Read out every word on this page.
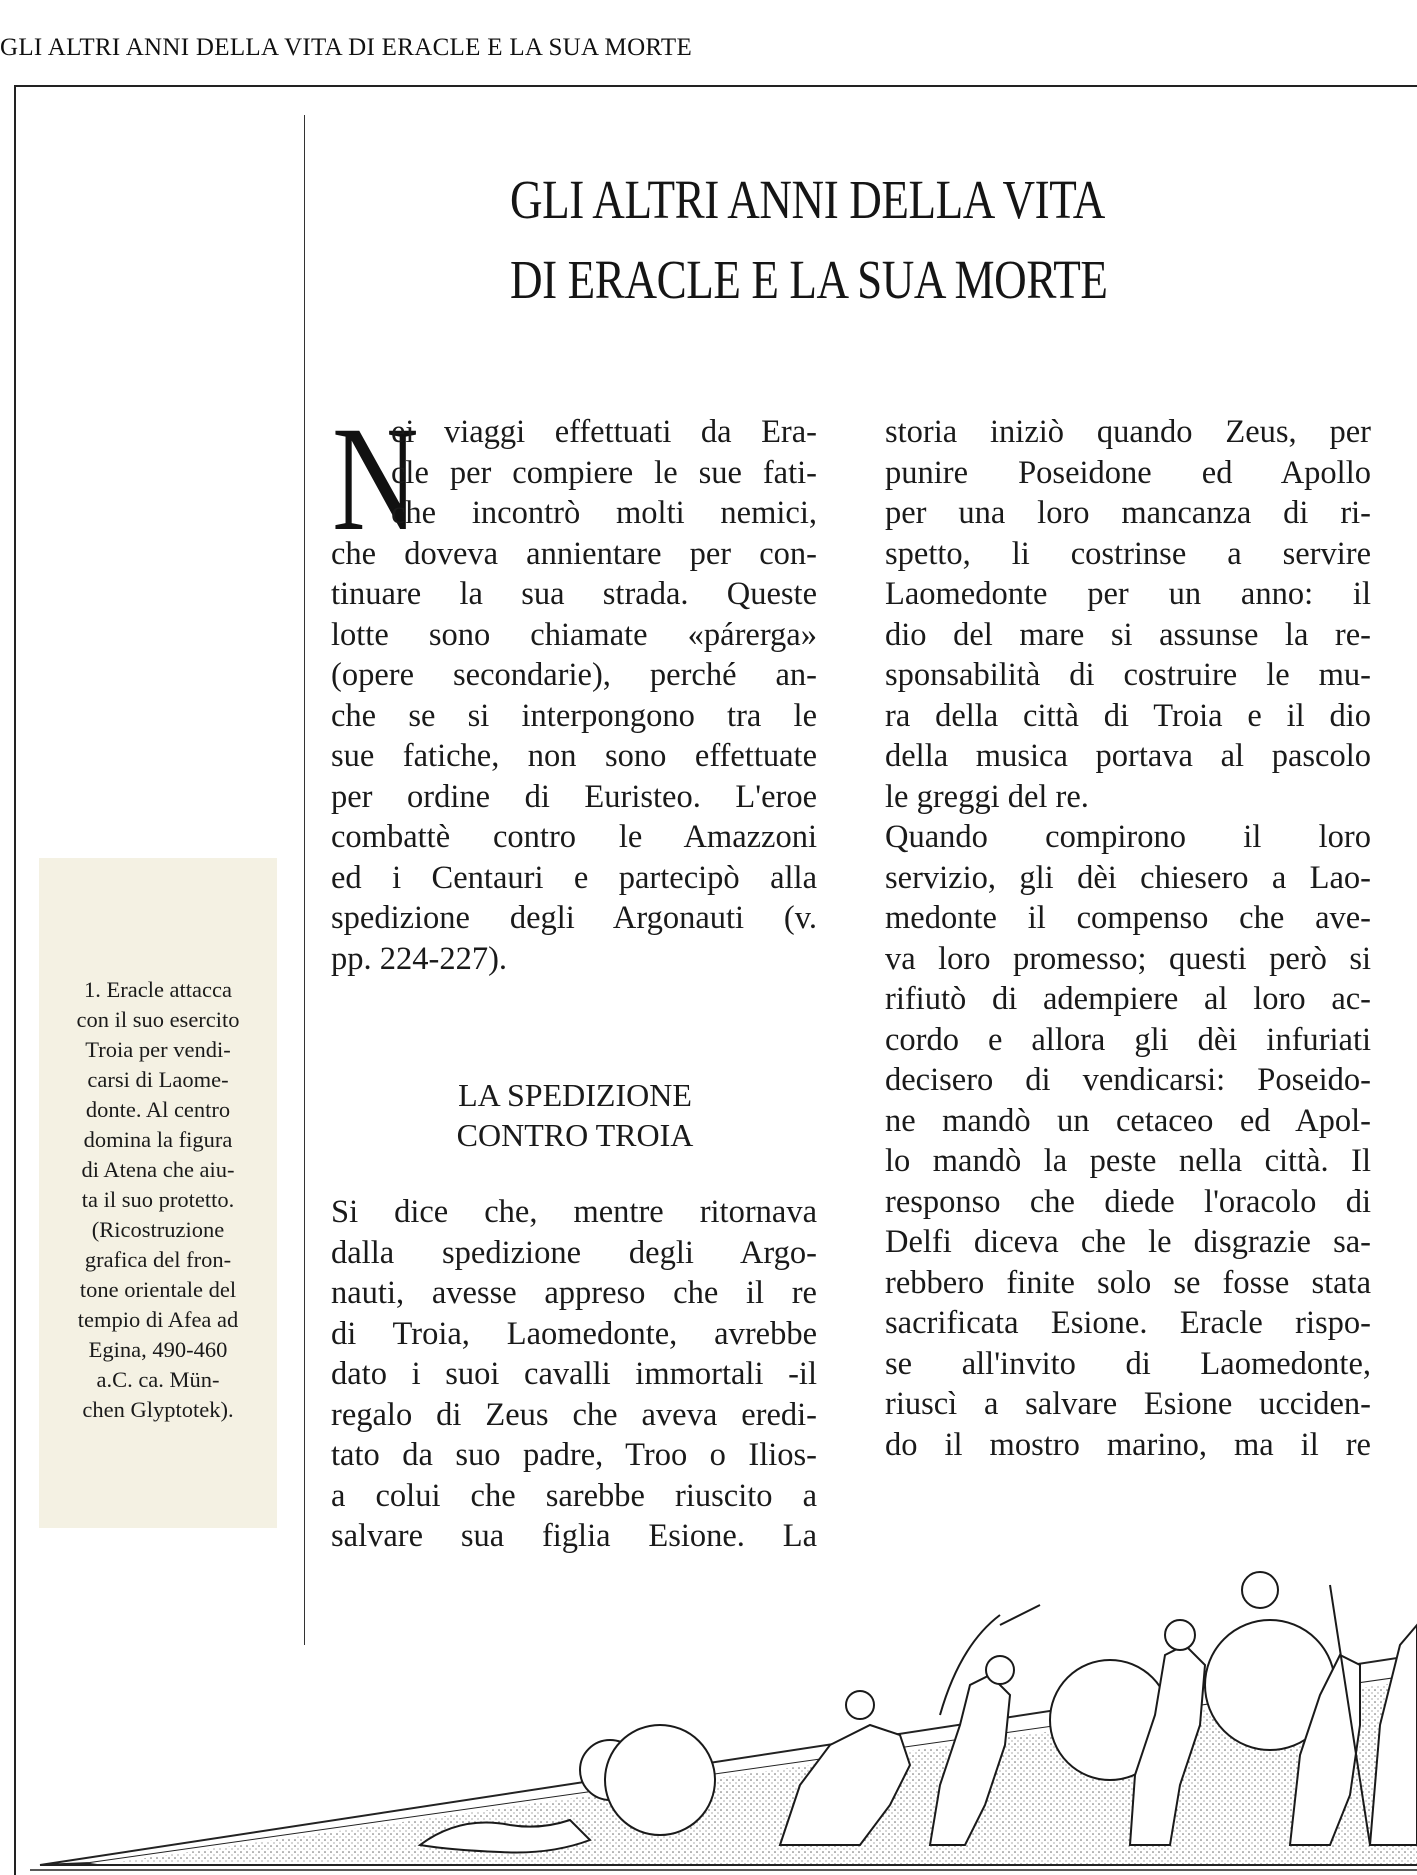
GLI ALTRI ANNI DELLA VITA DI ERACLE E LA SUA MORTE
1. Eracle attacca
con il suo esercito
Troia per vendi-
carsi di Laome-
donte. Al centro
domina la figura
di Atena che aiu-
ta il suo protetto.
(Ricostruzione
grafica del fron-
tone orientale del
tempio di Afea ad
Egina, 490-460
a.C. ca. Mün-
chen Glyptotek).
GLI ALTRI ANNI DELLA VITA
DI ERACLE E LA SUA MORTE
N
ei viaggi effettuati da Era-
cle per compiere le sue fati-
che incontrò molti nemici,
che doveva annientare per con-
tinuare la sua strada. Queste
lotte sono chiamate «párerga»
(opere secondarie), perché an-
che se si interpongono tra le
sue fatiche, non sono effettuate
per ordine di Euristeo. L'eroe
combattè contro le Amazzoni
ed i Centauri e partecipò alla
spedizione degli Argonauti (v.
pp. 224-227).
LA SPEDIZIONE
CONTRO TROIA
Si dice che, mentre ritornava
dalla spedizione degli Argo-
nauti, avesse appreso che il re
di Troia, Laomedonte, avrebbe
dato i suoi cavalli immortali -il
regalo di Zeus che aveva eredi-
tato da suo padre, Troo o Ilios-
a colui che sarebbe riuscito a
salvare sua figlia Esione. La
storia iniziò quando Zeus, per
punire Poseidone ed Apollo
per una loro mancanza di ri-
spetto, li costrinse a servire
Laomedonte per un anno: il
dio del mare si assunse la re-
sponsabilità di costruire le mu-
ra della città di Troia e il dio
della musica portava al pascolo
le greggi del re.
Quando compirono il loro
servizio, gli dèi chiesero a Lao-
medonte il compenso che ave-
va loro promesso; questi però si
rifiutò di adempiere al loro ac-
cordo e allora gli dèi infuriati
decisero di vendicarsi: Poseido-
ne mandò un cetaceo ed Apol-
lo mandò la peste nella città. Il
responso che diede l'oracolo di
Delfi diceva che le disgrazie sa-
rebbero finite solo se fosse stata
sacrificata Esione. Eracle rispo-
se all'invito di Laomedonte,
riuscì a salvare Esione ucciden-
do il mostro marino, ma il re
